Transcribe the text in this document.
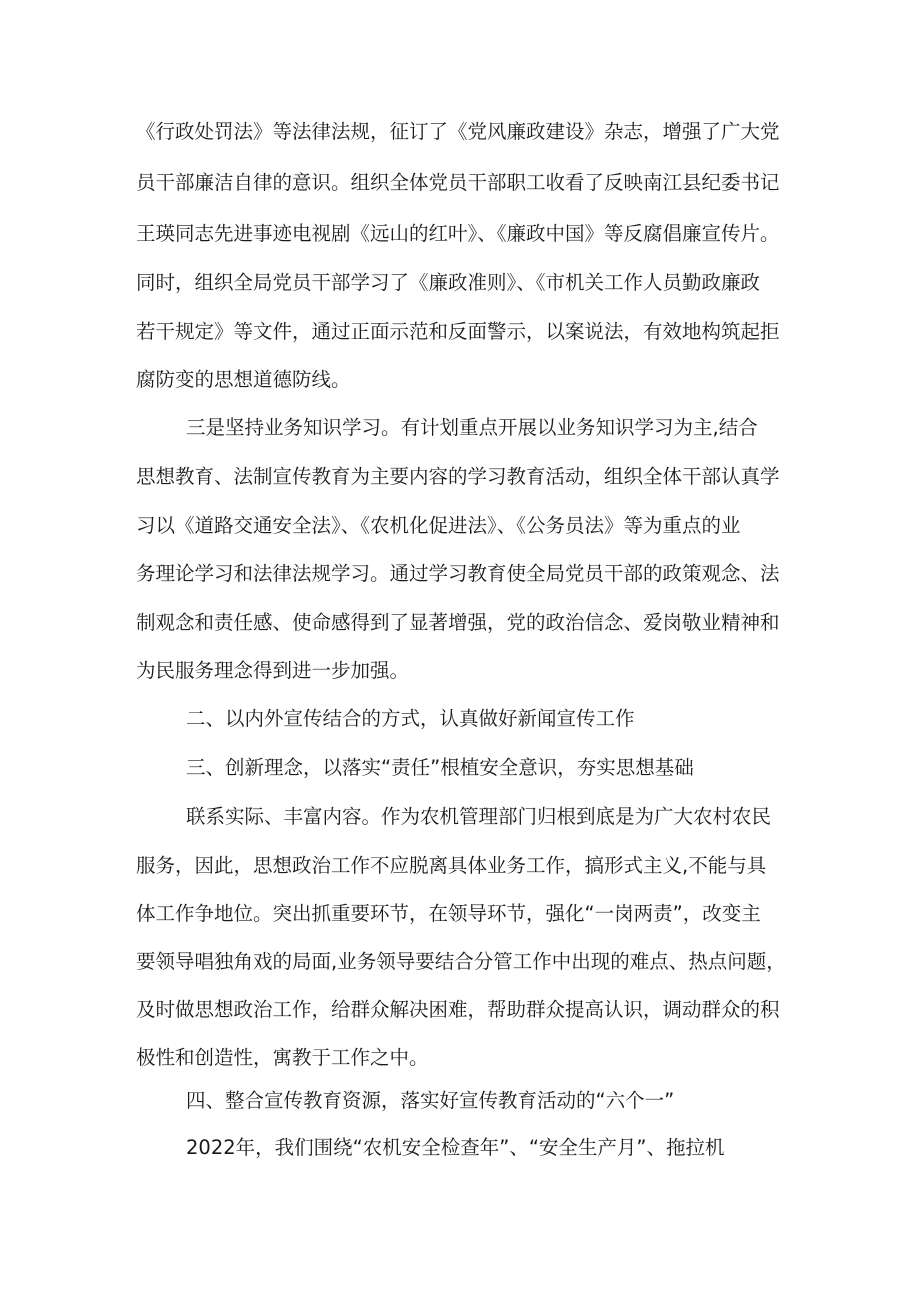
《行政处罚法》等法律法规，征订了《党风廉政建设》杂志，增强了广大党
员干部廉洁自律的意识。组织全体党员干部职工收看了反映南江县纪委书记
王瑛同志先进事迹电视剧《远山的红叶》、《廉政中国》等反腐倡廉宣传片。
同时，组织全局党员干部学习了《廉政准则》、《市机关工作人员勤政廉政
若干规定》等文件，通过正面示范和反面警示，以案说法，有效地构筑起拒
腐防变的思想道德防线。
三是坚持业务知识学习。有计划重点开展以业务知识学习为主,结合
思想教育、法制宣传教育为主要内容的学习教育活动，组织全体干部认真学
习以《道路交通安全法》、《农机化促进法》、《公务员法》等为重点的业
务理论学习和法律法规学习。通过学习教育使全局党员干部的政策观念、法
制观念和责任感、使命感得到了显著增强，党的政治信念、爱岗敬业精神和
为民服务理念得到进一步加强。
二、以内外宣传结合的方式，认真做好新闻宣传工作
三、创新理念，以落实“责任”根植安全意识，夯实思想基础
联系实际、丰富内容。作为农机管理部门归根到底是为广大农村农民
服务，因此，思想政治工作不应脱离具体业务工作，搞形式主义,不能与具
体工作争地位。突出抓重要环节，在领导环节，强化“一岗两责”，改变主
要领导唱独角戏的局面,业务领导要结合分管工作中出现的难点、热点问题，
及时做思想政治工作，给群众解决困难，帮助群众提高认识，调动群众的积
极性和创造性，寓教于工作之中。
四、整合宣传教育资源，落实好宣传教育活动的“六个一”
2022年，我们围绕“农机安全检查年”、“安全生产月”、拖拉机
